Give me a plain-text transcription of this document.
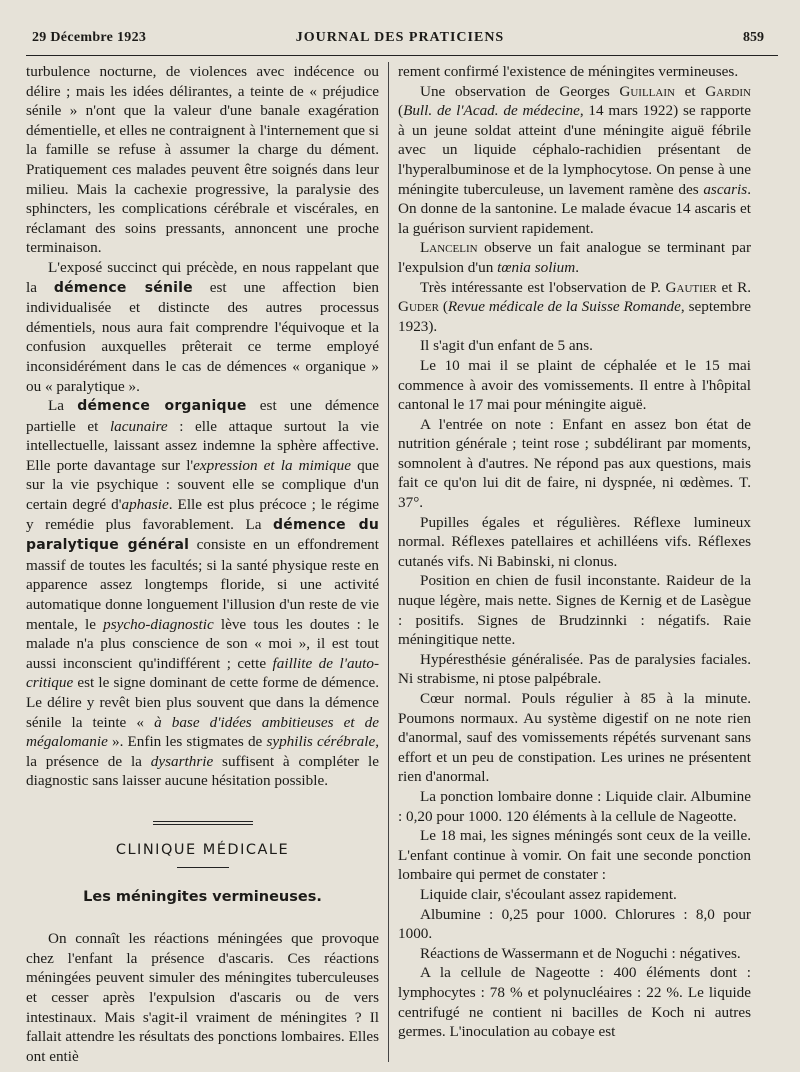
29 Décembre 1923	JOURNAL DES PRATICIENS	859

turbulence nocturne, de violences avec indécence ou délire ; mais les idées délirantes, a teinte de « préjudice sénile » n'ont que la valeur d'une banale exagération démentielle, et elles ne contraignent à l'internement que si la famille se refuse à assumer la charge du dément. Pratiquement ces malades peuvent être soignés dans leur milieu. Mais la cachexie progressive, la paralysie des sphincters, les complications cérébrale et viscérales, en réclamant des soins pressants, annoncent une proche terminaison.

L'exposé succinct qui précède, en nous rappelant que la démence sénile est une affection bien individualisée et distincte des autres processus démentiels, nous aura fait comprendre l'équivoque et la confusion auxquelles prêterait ce terme employé inconsidérément dans le cas de démences « organique » ou « paralytique ».

La démence organique est une démence partielle et lacunaire : elle attaque surtout la vie intellectuelle, laissant assez indemne la sphère affective. Elle porte davantage sur l'expression et la mimique que sur la vie psychique : souvent elle se complique d'un certain degré d'aphasie. Elle est plus précoce ; le régime y remédie plus favorablement. La démence du paralytique général consiste en un effondrement massif de toutes les facultés; si la santé physique reste en apparence assez longtemps floride, si une activité automatique donne longuement l'illusion d'un reste de vie mentale, le psycho-diagnostic lève tous les doutes : le malade n'a plus conscience de son « moi », il est tout aussi inconscient qu'indifférent ; cette faillite de l'auto-critique est le signe dominant de cette forme de démence. Le délire y revêt bien plus souvent que dans la démence sénile la teinte « à base d'idées ambitieuses et de mégalomanie ». Enfin les stigmates de syphilis cérébrale, la présence de la dysarthrie suffisent à compléter le diagnostic sans laisser aucune hésitation possible.

CLINIQUE MÉDICALE
Les méningites vermineuses.

On connaît les réactions méningées que provoque chez l'enfant la présence d'ascaris. Ces réactions méningées peuvent simuler des méningites tuberculeuses et cesser après l'expulsion d'ascaris ou de vers intestinaux. Mais s'agit-il vraiment de méningites ? Il fallait attendre les résultats des ponctions lombaires. Elles ont entiè

rement confirmé l'existence de méningites vermineuses.

Une observation de Georges Guillain et Gardin (Bull. de l'Acad. de médecine, 14 mars 1922) se rapporte à un jeune soldat atteint d'une méningite aiguë fébrile avec un liquide céphalo-rachidien présentant de l'hyperalbuminose et de la lymphocytose. On pense à une méningite tuberculeuse, un lavement ramène des ascaris. On donne de la santonine. Le malade évacue 14 ascaris et la guérison survient rapidement.

Lancelin observe un fait analogue se terminant par l'expulsion d'un tœnia solium.

Très intéressante est l'observation de P. Gautier et R. Guder (Revue médicale de la Suisse Romande, septembre 1923).

Il s'agit d'un enfant de 5 ans.

Le 10 mai il se plaint de céphalée et le 15 mai commence à avoir des vomissements. Il entre à l'hôpital cantonal le 17 mai pour méningite aiguë.

A l'entrée on note : Enfant en assez bon état de nutrition générale ; teint rose ; subdélirant par moments, somnolent à d'autres. Ne répond pas aux questions, mais fait ce qu'on lui dit de faire, ni dyspnée, ni œdèmes. T. 37°.

Pupilles égales et régulières. Réflexe lumineux normal. Réflexes patellaires et achilléens vifs. Réflexes cutanés vifs. Ni Babinski, ni clonus.

Position en chien de fusil inconstante. Raideur de la nuque légère, mais nette. Signes de Kernig et de Lasègue : positifs. Signes de Brudzinnki : négatifs. Raie méningitique nette.

Hypéresthésie généralisée. Pas de paralysies faciales. Ni strabisme, ni ptose palpébrale.

Cœur normal. Pouls régulier à 85 à la minute. Poumons normaux. Au système digestif on ne note rien d'anormal, sauf des vomissements répétés survenant sans effort et un peu de constipation. Les urines ne présentent rien d'anormal.

La ponction lombaire donne : Liquide clair. Albumine : 0,20 pour 1000. 120 éléments à la cellule de Nageotte.

Le 18 mai, les signes méningés sont ceux de la veille. L'enfant continue à vomir. On fait une seconde ponction lombaire qui permet de constater :

Liquide clair, s'écoulant assez rapidement.

Albumine : 0,25 pour 1000. Chlorures : 8,0 pour 1000.

Réactions de Wassermann et de Noguchi : négatives.

A la cellule de Nageotte : 400 éléments dont : lymphocytes : 78 % et polynucléaires : 22 %. Le liquide centrifugé ne contient ni bacilles de Koch ni autres germes. L'inoculation au cobaye est
